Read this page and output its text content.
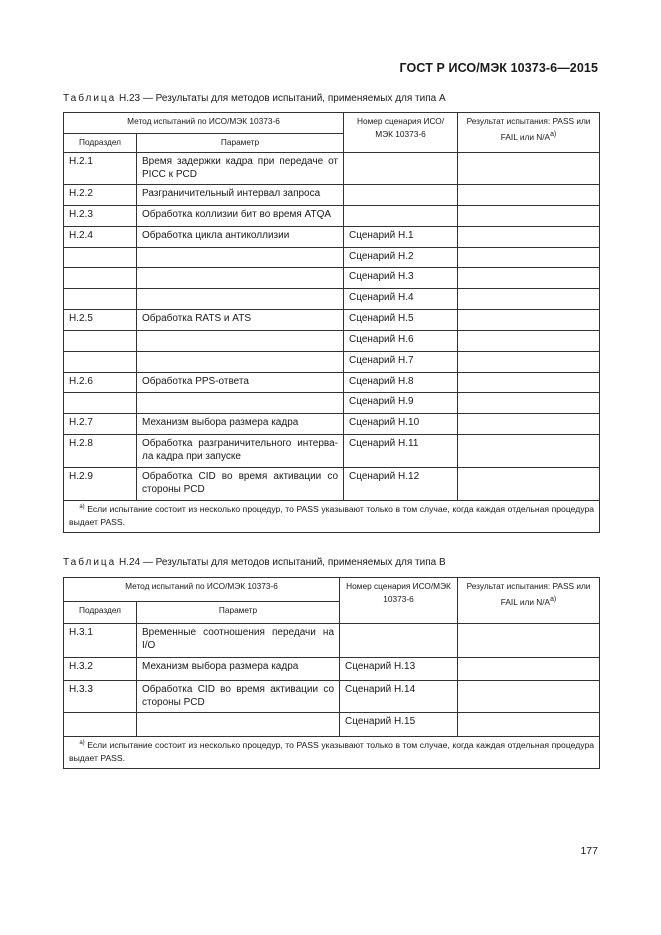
ГОСТ Р ИСО/МЭК 10373-6—2015
Таблица Н.23 — Результаты для методов испытаний, применяемых для типа А
Метод испытаний по ИСО/МЭК 10373-6		Номер сценария ИСО/МЭК 10373-6	Результат испытания: PASS или FAIL или $N/A^{a)}$
Подраздел	Параметр		
Н.2.1	Время задержки кадра при передаче от PICC к PCD		
Н.2.2	Разграничительный интервал запроса		
Н.2.3	Обработка коллизии бит во время ATQA		
Н.2.4	Обработка цикла антиколлизии	Сценарий Н.1	
		Сценарий Н.2	
		Сценарий Н.3	
		Сценарий Н.4	
Н.2.5	Обработка RATS и ATS	Сценарий Н.5	
		Сценарий Н.6	
		Сценарий Н.7	
Н.2.6	Обработка PPS-ответа	Сценарий Н.8	
		Сценарий Н.9	
Н.2.7	Механизм выбора размера кадра	Сценарий Н.10	
Н.2.8	Обработка разграничительного интерва-ла кадра при запуске	Сценарий Н.11	
Н.2.9	Обработка CID во время активации со стороны PCD	Сценарий Н.12	
$^{а)}$ Если испытание состоит из несколько процедур, то PASS указывают только в том случае, когда каждая отдельная процедура выдает PASS.			
Таблица Н.24 — Результаты для методов испытаний, применяемых для типа В
Метод испытаний по ИСО/МЭК 10373-6		Номер сценария ИСО/МЭК 10373-6	Результат испытания: PASS или FAIL или $N/A^{a)}$
Подраздел	Параметр		
Н.3.1	Временные соотношения передачи на I/O		
Н.3.2	Механизм выбора размера кадра	Сценарий Н.13	
Н.3.3	Обработка CID во время активации со стороны PCD	Сценарий Н.14	
		Сценарий Н.15	
$^{а)}$ Если испытание состоит из несколько процедур, то PASS указывают только в том случае, когда каждая отдельная процедура выдает PASS.			
177
